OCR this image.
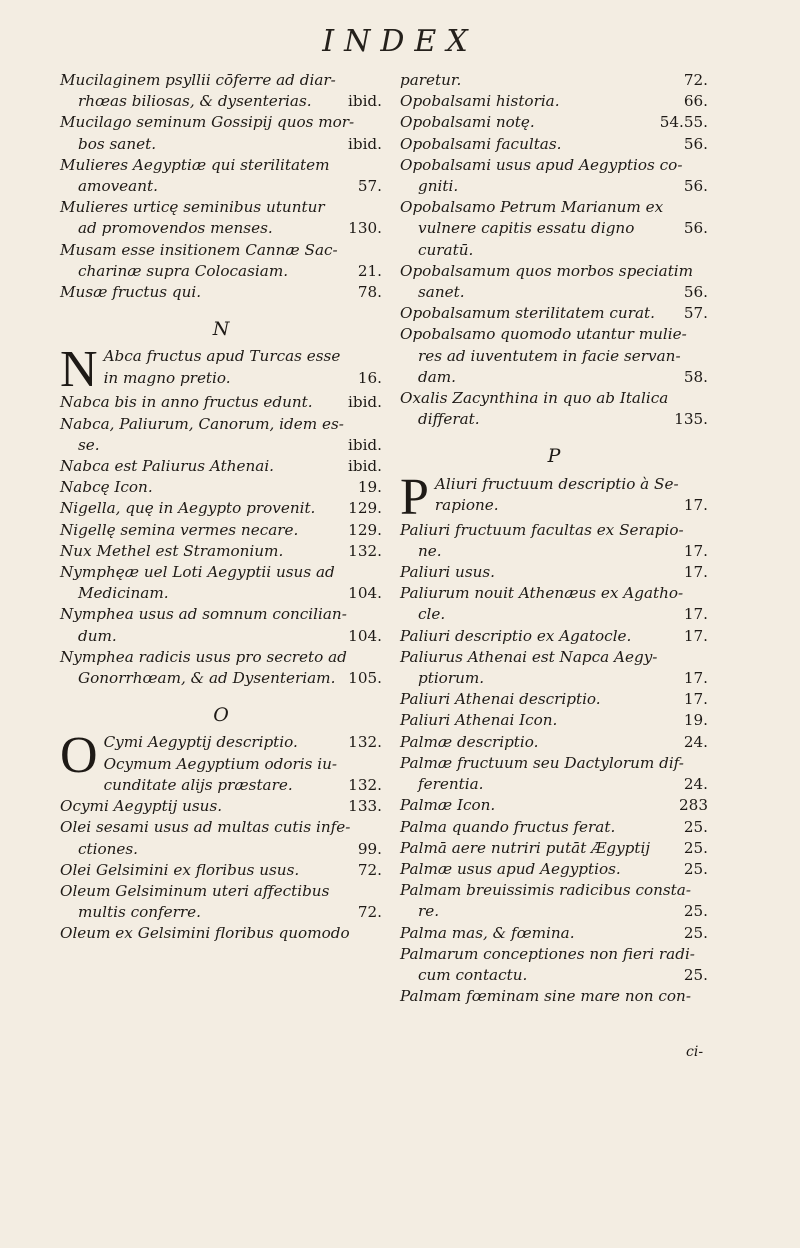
INDEX
Mucilaginem psyllii cōferre ad diar-

ibid.
rhœas biliosas, & dysenterias.
Mucilago seminum Gossipij quos mor-

ibid.
bos sanet.
Mulieres Aegyptiæ qui sterilitatem

57.
amoveant.
Mulieres urticę seminibus utuntur

130.
ad promovendos menses.
Musam esse insitionem Cannæ Sac-

21.
charinæ supra Colocasiam.
78.
Musæ fructus qui.
N
N Abca fructus apud Turcas esse
16.
in magno pretio.
ibid.
Nabca bis in anno fructus edunt.
Nabca, Paliurum, Canorum, idem es-

ibid.
se.
ibid.
Nabca est Paliurus Athenai.
19.
Nabcę Icon.
129.
Nigella, quę in Aegypto provenit.
129.
Nigellę semina vermes necare.
132.
Nux Methel est Stramonium.
Nymphęæ uel Loti Aegyptii usus ad

104.
Medicinam.
Nymphea usus ad somnum concilian-

104.
dum.
Nymphea radicis usus pro secreto ad

105.
Gonorrhœam, & ad Dysenteriam.
O
O	132.
Cymi Aegyptij descriptio.
Ocymum Aegyptium odoris iu-
132.
cunditate alijs præstare.
133.
Ocymi Aegyptij usus.
Olei sesami usus ad multas cutis infe-

99.
ctiones.
72.
Olei Gelsimini ex floribus usus.
Oleum Gelsiminum uteri affectibus

72.
multis conferre.
Oleum ex Gelsimini floribus quomodo
72.
paretur.
66.
Opobalsami historia.
54.55.
Opobalsami notę.
56.
Opobalsami facultas.
Opobalsami usus apud Aegyptios co-

56.
gniti.
Opobalsamo Petrum Marianum ex

56.
vulnere capitis essatu digno curatū.
Opobalsamum quos morbos speciatim

56.
sanet.
57.
Opobalsamum sterilitatem curat.
Opobalsamo quomodo utantur mulie-
res ad iuventutem in facie servan-

58.
dam.
Oxalis Zacynthina in quo ab Italica

135.
differat.
P
P Aliuri fructuum descriptio à Se-
17.
rapione.
Paliuri fructuum facultas ex Serapio-

17.
ne.
17.
Paliuri usus.
Paliurum nouit Athenæus ex Agatho-

17.
cle.
17.
Paliuri descriptio ex Agatocle.
Paliurus Athenai est Napca Aegy-

17.
ptiorum.
17.
Paliuri Athenai descriptio.
19.
Paliuri Athenai Icon.
24.
Palmæ descriptio.
Palmæ fructuum seu Dactylorum dif-

24.
ferentia.
283
Palmæ Icon.
25.
Palma quando fructus ferat.
25.
Palmā aere nutriri putāt Ægyptij
25.
Palmæ usus apud Aegyptios.
Palmam breuissimis radicibus consta-

25.
re.
25.
Palma mas, & fœmina.
Palmarum conceptiones non fieri radi-

25.
cum contactu.
Palmam fœminam sine mare non con-
ci-
